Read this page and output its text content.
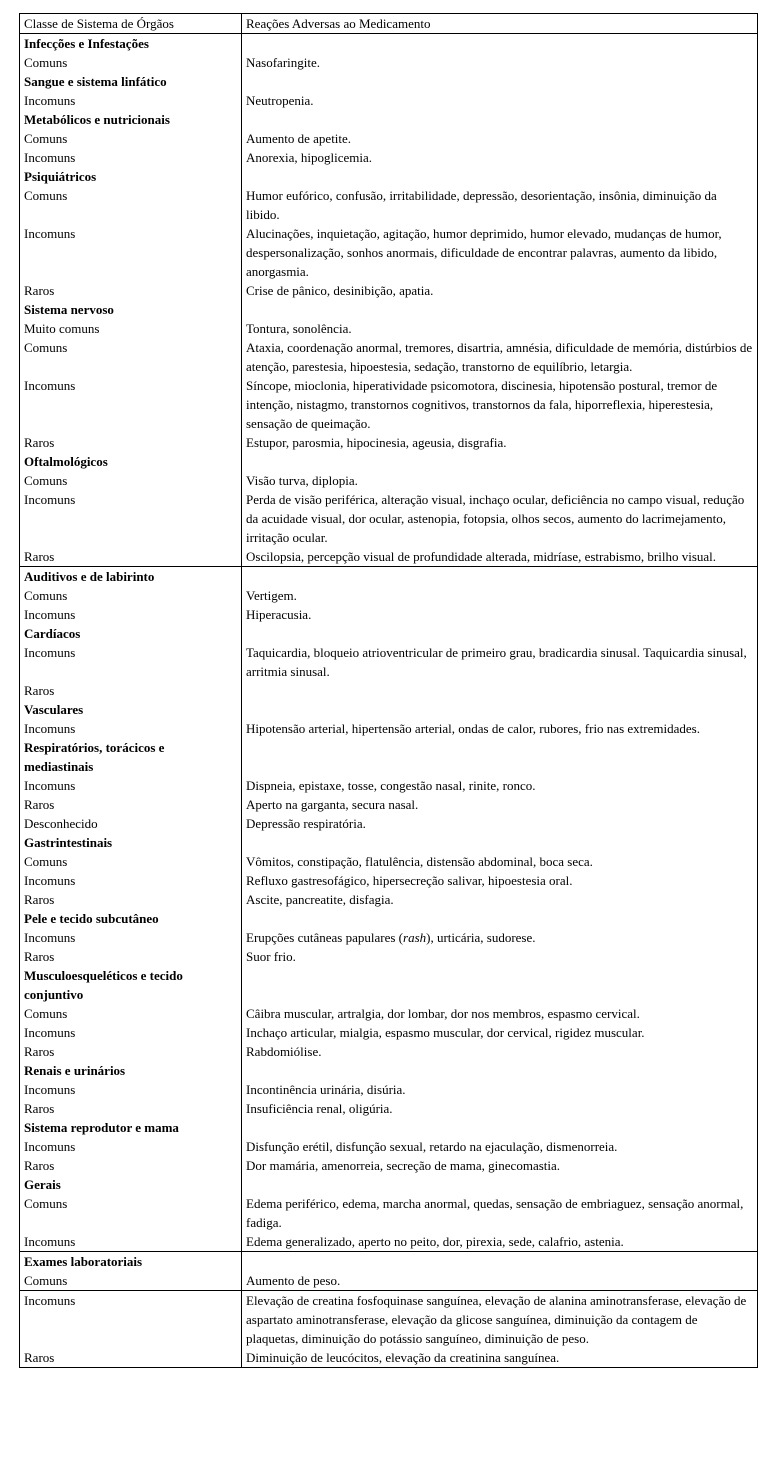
Classe de Sistema de Órgãos	Reações Adversas ao Medicamento
Infecções e Infestações	
Comuns	Nasofaringite.
Sangue e sistema linfático	
Incomuns	Neutropenia.
Metabólicos e nutricionais	
Comuns	Aumento de apetite.
Incomuns	Anorexia, hipoglicemia.
Psiquiátricos	
Comuns	Humor eufórico, confusão, irritabilidade, depressão, desorientação, insônia, diminuição da libido.
Incomuns	Alucinações, inquietação, agitação, humor deprimido, humor elevado, mudanças de humor, despersonalização, sonhos anormais, dificuldade de encontrar palavras, aumento da libido, anorgasmia.
Raros	Crise de pânico, desinibição, apatia.
Sistema nervoso	
Muito comuns	Tontura, sonolência.
Comuns	Ataxia, coordenação anormal, tremores, disartria, amnésia, dificuldade de memória, distúrbios de atenção, parestesia, hipoestesia, sedação, transtorno de equilíbrio, letargia.
Incomuns	Síncope, mioclonia, hiperatividade psicomotora, discinesia, hipotensão postural, tremor de intenção, nistagmo, transtornos cognitivos, transtornos da fala, hiporreflexia, hiperestesia, sensação de queimação.
Raros	Estupor, parosmia, hipocinesia, ageusia, disgrafia.
Oftalmológicos	
Comuns	Visão turva, diplopia.
Incomuns	Perda de visão periférica, alteração visual, inchaço ocular, deficiência no campo visual, redução da acuidade visual, dor ocular, astenopia, fotopsia, olhos secos, aumento do lacrimejamento, irritação ocular.
Raros	Oscilopsia, percepção visual de profundidade alterada, midríase, estrabismo, brilho visual.
Auditivos e de labirinto	
Comuns	Vertigem.
Incomuns	Hiperacusia.
Cardíacos	
Incomuns	Taquicardia, bloqueio atrioventricular de primeiro grau, bradicardia sinusal. Taquicardia sinusal, arritmia sinusal.
Raros	
Vasculares	
Incomuns	Hipotensão arterial, hipertensão arterial, ondas de calor, rubores, frio nas extremidades.
Respiratórios, torácicos e mediastinais	
Incomuns	Dispneia, epistaxe, tosse, congestão nasal, rinite, ronco.
Raros	Aperto na garganta, secura nasal.
Desconhecido	Depressão respiratória.
Gastrintestinais	
Comuns	Vômitos, constipação, flatulência, distensão abdominal, boca seca.
Incomuns	Refluxo gastresofágico, hipersecreção salivar, hipoestesia oral.
Raros	Ascite, pancreatite, disfagia.
Pele e tecido subcutâneo	
Incomuns	Erupções cutâneas papulares (rash), urticária, sudorese.
Raros	Suor frio.
Musculoesqueléticos e tecido conjuntivo	
Comuns	Câibra muscular, artralgia, dor lombar, dor nos membros, espasmo cervical.
Incomuns	Inchaço articular, mialgia, espasmo muscular, dor cervical, rigidez muscular.
Raros	Rabdomiólise.
Renais e urinários	
Incomuns	Incontinência urinária, disúria.
Raros	Insuficiência renal, oligúria.
Sistema reprodutor e mama	
Incomuns	Disfunção erétil, disfunção sexual, retardo na ejaculação, dismenorreia.
Raros	Dor mamária, amenorreia, secreção de mama, ginecomastia.
Gerais	
Comuns	Edema periférico, edema, marcha anormal, quedas, sensação de embriaguez, sensação anormal, fadiga.
Incomuns	Edema generalizado, aperto no peito, dor, pirexia, sede, calafrio, astenia.
Exames laboratoriais	
Comuns	Aumento de peso.
Incomuns	Elevação de creatina fosfoquinase sanguínea, elevação de alanina aminotransferase, elevação de aspartato aminotransferase, elevação da glicose sanguínea, diminuição da contagem de plaquetas, diminuição do potássio sanguíneo, diminuição de peso.
Raros	Diminuição de leucócitos, elevação da creatinina sanguínea.
